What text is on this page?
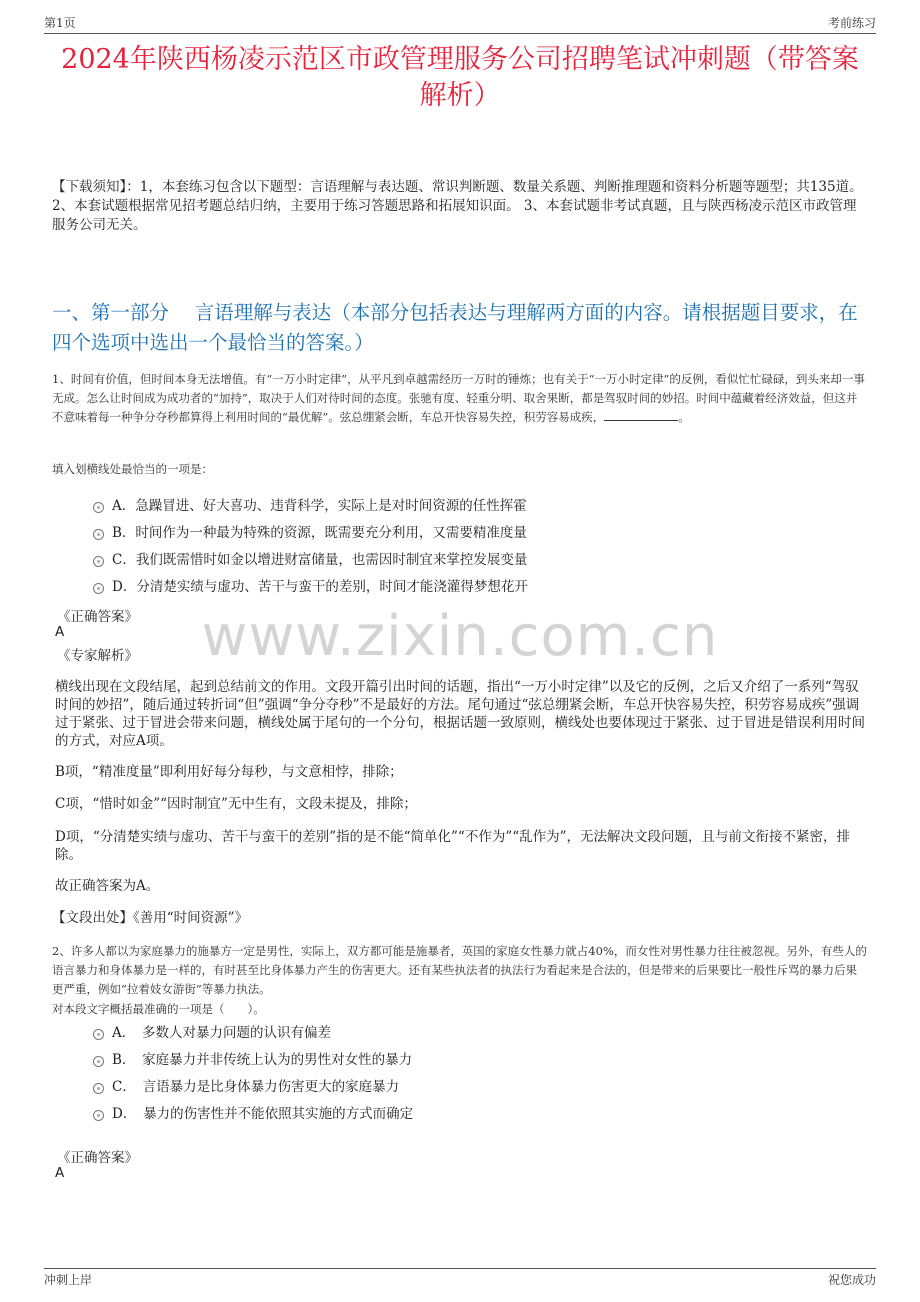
第1页	考前练习
2024年陕西杨凌示范区市政管理服务公司招聘笔试冲刺题（带答案解析）
【下载须知】：1，本套练习包含以下题型：言语理解与表达题、常识判断题、数量关系题、判断推理题和资料分析题等题型；共135道。 2、本套试题根据常见招考题总结归纳，主要用于练习答题思路和拓展知识面。 3、本套试题非考试真题，且与陕西杨凌示范区市政管理服务公司无关。
一、第一部分　 言语理解与表达（本部分包括表达与理解两方面的内容。请根据题目要求，在四个选项中选出一个最恰当的答案。）
1、时间有价值，但时间本身无法增值。有“一万小时定律”，从平凡到卓越需经历一万时的锤炼；也有关于“一万小时定律”的反例，看似忙忙碌碌，到头来却一事无成。怎么让时间成为成功者的“加持”，取决于人们对待时间的态度。张驰有度、轻重分明、取舍果断，都是驾驭时间的妙招。时间中蕴藏着经济效益，但这并不意味着每一种争分夺秒都算得上利用时间的“最优解”。弦总绷紧会断，车总开快容易失控，积劳容易成疾，	。
填入划横线处最恰当的一项是：
A．急躁冒进、好大喜功、违背科学，实际上是对时间资源的任性挥霍
B．时间作为一种最为特殊的资源，既需要充分利用，又需要精准度量
C．我们既需惜时如金以增进财富储量，也需因时制宜来掌控发展变量
D．分清楚实绩与虚功、苦干与蛮干的差别，时间才能浇灌得梦想花开
《正确答案》
A
《专家解析》
横线出现在文段结尾，起到总结前文的作用。文段开篇引出时间的话题，指出“一万小时定律”以及它的反例，之后又介绍了一系列“驾驭时间的妙招”，随后通过转折词“但”强调“争分夺秒”不是最好的方法。尾句通过“弦总绷紧会断，车总开快容易失控，积劳容易成疾”强调过于紧张、过于冒进会带来问题，横线处属于尾句的一个分句，根据话题一致原则，横线处也要体现过于紧张、过于冒进是错误利用时间的方式，对应A项。
B项，“精准度量”即利用好每分每秒，与文意相悖，排除；
C项，“惜时如金”“因时制宜”无中生有，文段未提及，排除；
D项，“分清楚实绩与虚功、苦干与蛮干的差别”指的是不能“简单化”“不作为”“乱作为”，无法解决文段问题，且与前文衔接不紧密，排除。
故正确答案为A。
【文段出处】《善用“时间资源”》
2、许多人都以为家庭暴力的施暴方一定是男性，实际上，双方都可能是施暴者，英国的家庭女性暴力就占40%，而女性对男性暴力往往被忽视。另外，有些人的语言暴力和身体暴力是一样的，有时甚至比身体暴力产生的伤害更大。还有某些执法者的执法行为看起来是合法的，但是带来的后果要比一般性斥骂的暴力后果更严重，例如“拉着妓女游街”等暴力执法。
对本段文字概括最准确的一项是（　　）。
A．　多数人对暴力问题的认识有偏差
B．　家庭暴力并非传统上认为的男性对女性的暴力
C．　言语暴力是比身体暴力伤害更大的家庭暴力
D．　暴力的伤害性并不能依照其实施的方式而确定
《正确答案》
A
www.zixin.com.cn
冲刺上岸	祝您成功
